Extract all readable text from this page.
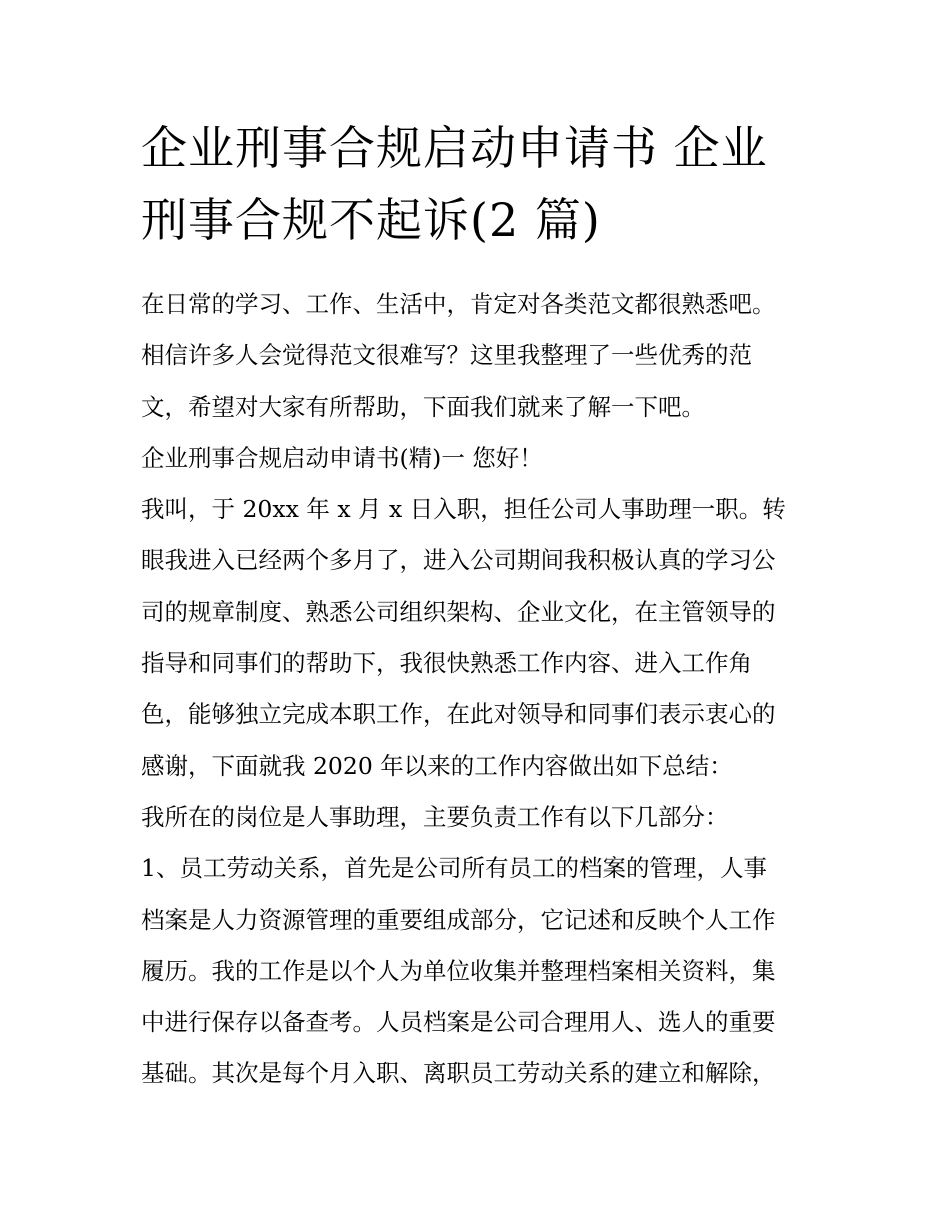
企业刑事合规启动申请书 企业
刑事合规不起诉(2 篇)

在日常的学习、工作、生活中，肯定对各类范文都很熟悉吧。

相信许多人会觉得范文很难写？这里我整理了一些优秀的范

文，希望对大家有所帮助，下面我们就来了解一下吧。

企业刑事合规启动申请书(精)一 您好！

我叫，于 20xx 年 x 月 x 日入职，担任公司人事助理一职。转

眼我进入已经两个多月了，进入公司期间我积极认真的学习公

司的规章制度、熟悉公司组织架构、企业文化，在主管领导的

指导和同事们的帮助下，我很快熟悉工作内容、进入工作角

色，能够独立完成本职工作，在此对领导和同事们表示衷心的

感谢，下面就我 2020 年以来的工作内容做出如下总结：

我所在的岗位是人事助理，主要负责工作有以下几部分：

1、员工劳动关系，首先是公司所有员工的档案的管理，人事

档案是人力资源管理的重要组成部分，它记述和反映个人工作

履历。我的工作是以个人为单位收集并整理档案相关资料，集

中进行保存以备查考。人员档案是公司合理用人、选人的重要

基础。其次是每个月入职、离职员工劳动关系的建立和解除，
